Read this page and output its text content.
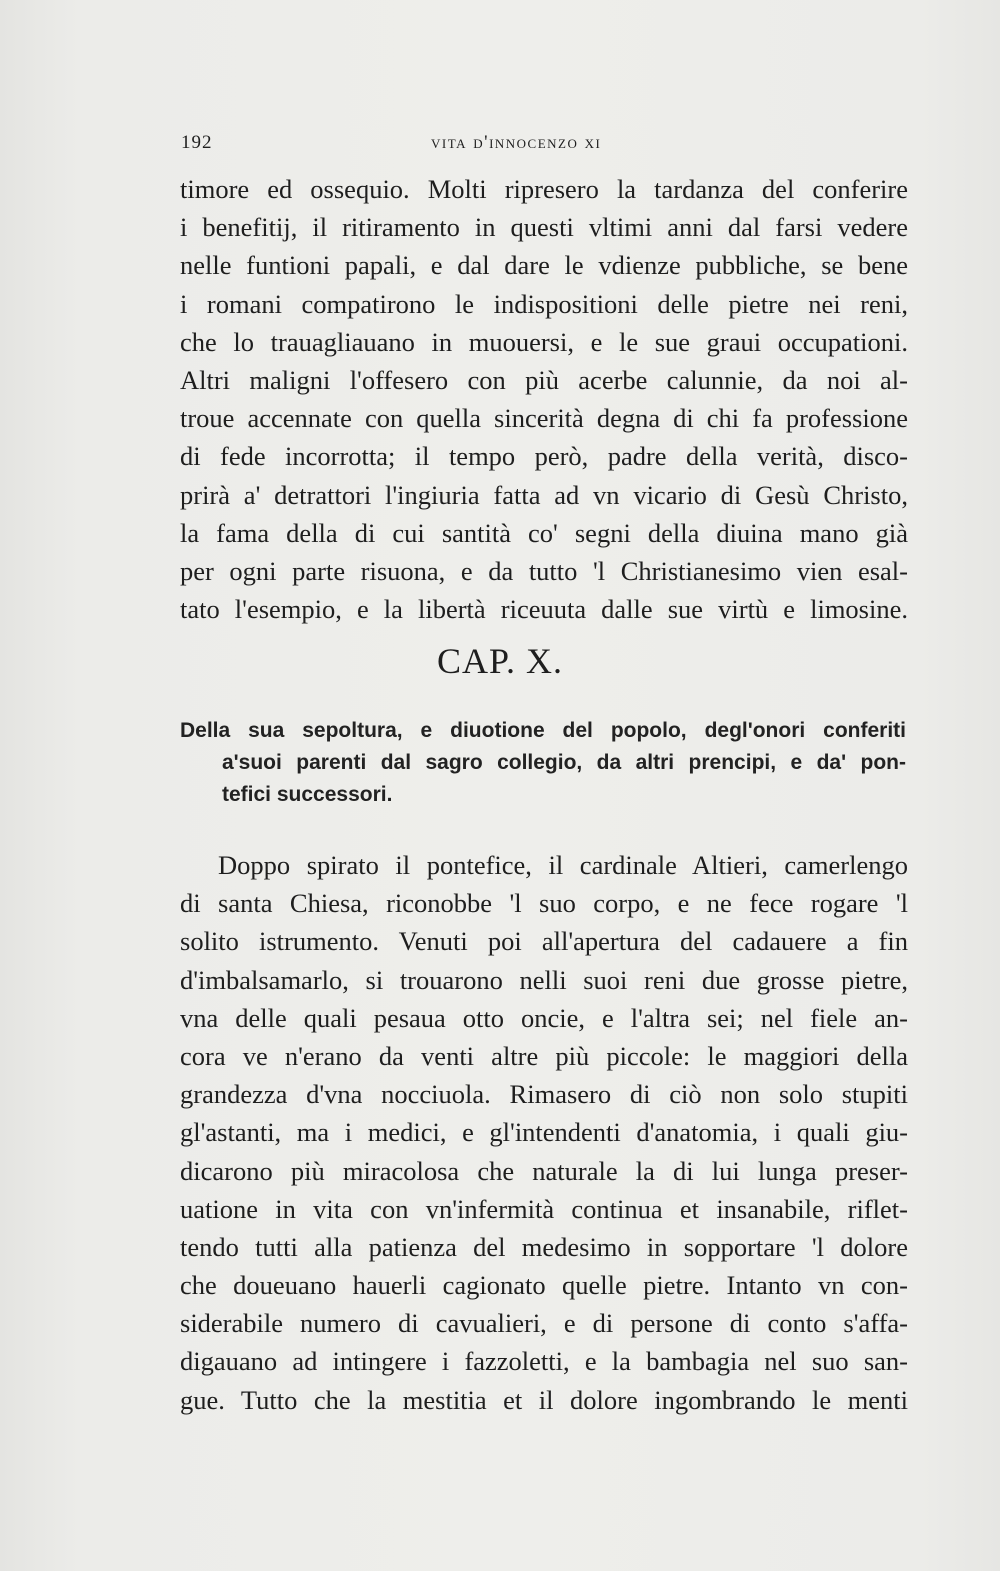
192	vita d'innocenzo xi
timore ed ossequio. Molti ripresero la tardanza del conferire
i benefitij, il ritiramento in questi vltimi anni dal farsi vedere
nelle funtioni papali, e dal dare le vdienze pubbliche, se bene
i romani compatirono le indispositioni delle pietre nei reni,
che lo trauagliauano in muouersi, e le sue graui occupationi.
Altri maligni l'offesero con più acerbe calunnie, da noi al-
troue accennate con quella sincerità degna di chi fa professione
di fede incorrotta; il tempo però, padre della verità, disco-
prirà a' detrattori l'ingiuria fatta ad vn vicario di Gesù Christo,
la fama della di cui santità co' segni della diuina mano già
per ogni parte risuona, e da tutto 'l Christianesimo vien esal-
tato l'esempio, e la libertà riceuuta dalle sue virtù e limosine.
CAP. X.
Della sua sepoltura, e diuotione del popolo, degl'onori conferiti
a'suoi parenti dal sagro collegio, da altri prencipi, e da' pon-
tefici successori.
Doppo spirato il pontefice, il cardinale Altieri, camerlengo
di santa Chiesa, riconobbe 'l suo corpo, e ne fece rogare 'l
solito istrumento. Venuti poi all'apertura del cadauere a fin
d'imbalsamarlo, si trouarono nelli suoi reni due grosse pietre,
vna delle quali pesaua otto oncie, e l'altra sei; nel fiele an-
cora ve n'erano da venti altre più piccole: le maggiori della
grandezza d'vna nocciuola. Rimasero di ciò non solo stupiti
gl'astanti, ma i medici, e gl'intendenti d'anatomia, i quali giu-
dicarono più miracolosa che naturale la di lui lunga preser-
uatione in vita con vn'infermità continua et insanabile, riflet-
tendo tutti alla patienza del medesimo in sopportare 'l dolore
che doueuano hauerli cagionato quelle pietre. Intanto vn con-
siderabile numero di cavualieri, e di persone di conto s'affa-
digauano ad intingere i fazzoletti, e la bambagia nel suo san-
gue. Tutto che la mestitia et il dolore ingombrando le menti
